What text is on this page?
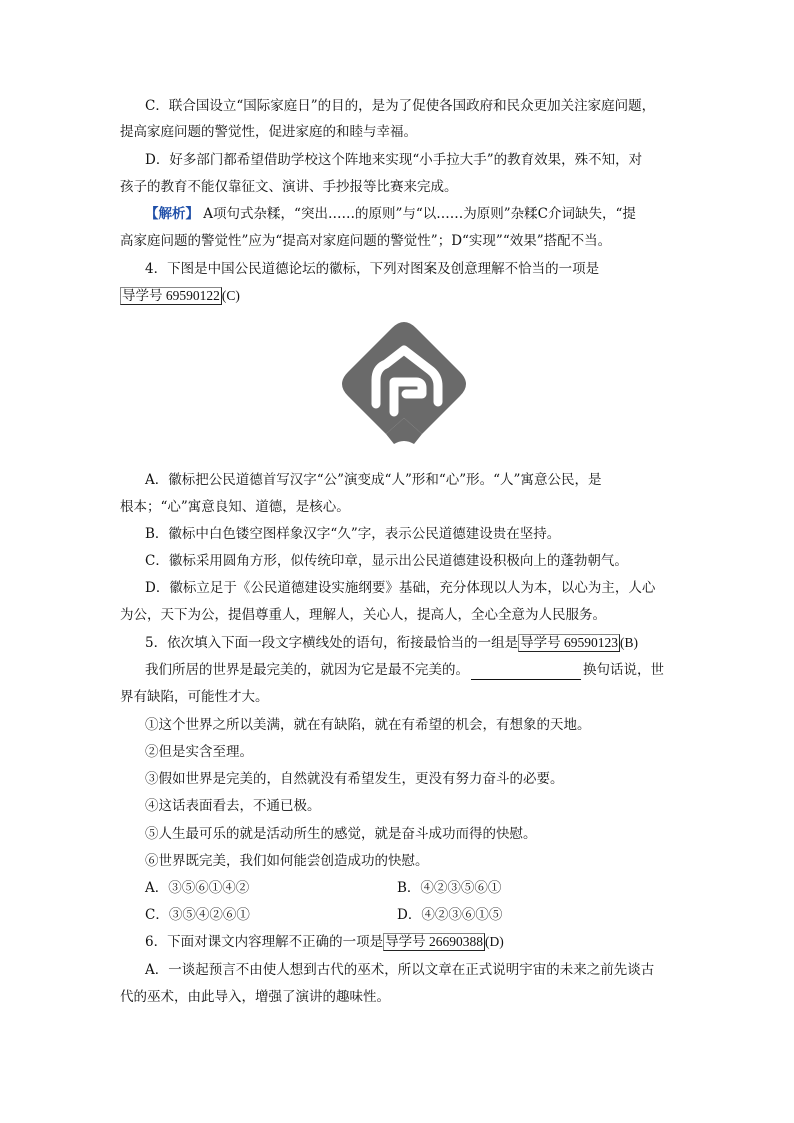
C．联合国设立“国际家庭日”的目的，是为了促使各国政府和民众更加关注家庭问题，
提高家庭问题的警觉性，促进家庭的和睦与幸福。
D．好多部门都希望借助学校这个阵地来实现“小手拉大手”的教育效果，殊不知，对
孩子的教育不能仅靠征文、演讲、手抄报等比赛来完成。
【解析】 A项句式杂糅，“突出……的原则”与“以……为原则”杂糅C介词缺失，“提
高家庭问题的警觉性”应为“提高对家庭问题的警觉性”；D“实现”“效果”搭配不当。
4．下图是中国公民道德论坛的徽标，下列对图案及创意理解不恰当的一项是
导学号 69590122 (C)
A．徽标把公民道德首写汉字“公”演变成“人”形和“心”形。“人”寓意公民，是
根本；“心”寓意良知、道德，是核心。
B．徽标中白色镂空图样象汉字“久”字，表示公民道德建设贵在坚持。
C．徽标采用圆角方形，似传统印章，显示出公民道德建设积极向上的蓬勃朝气。
D．徽标立足于《公民道德建设实施纲要》基础，充分体现以人为本，以心为主，人心
为公，天下为公，提倡尊重人，理解人，关心人，提高人，全心全意为人民服务。
5．依次填入下面一段文字横线处的语句，衔接最恰当的一组是 导学号 69590123 (B)
我们所居的世界是最完美的，就因为它是最不完美的。	换句话说，世
界有缺陷，可能性才大。
①这个世界之所以美满，就在有缺陷，就在有希望的机会，有想象的天地。
②但是实含至理。
③假如世界是完美的，自然就没有希望发生，更没有努力奋斗的必要。
④这话表面看去，不通已极。
⑤人生最可乐的就是活动所生的感觉，就是奋斗成功而得的快慰。
⑥世界既完美，我们如何能尝创造成功的快慰。
A．③⑤⑥①④②	B．④②③⑤⑥①
C．③⑤④②⑥①	D．④②③⑥①⑤
6．下面对课文内容理解不正确的一项是 导学号 26690388 (D)
A．一谈起预言不由使人想到古代的巫术，所以文章在正式说明宇宙的未来之前先谈古
代的巫术，由此导入，增强了演讲的趣味性。
